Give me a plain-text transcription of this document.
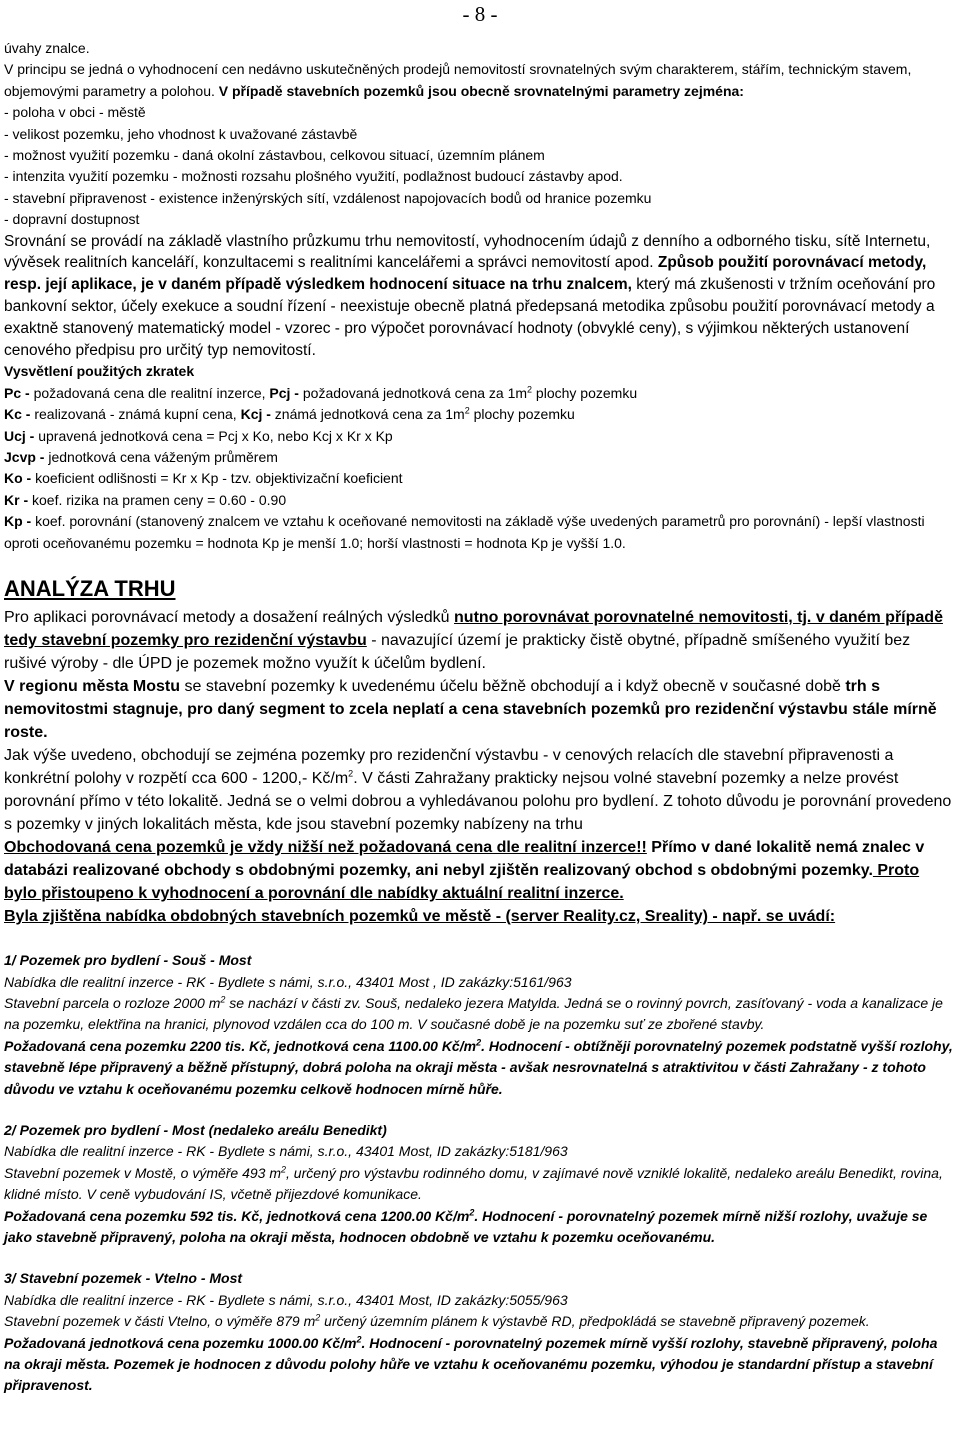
- 8 -

úvahy znalce.

V principu se jedná o vyhodnocení cen nedávno uskutečněných prodejů nemovitostí srovnatelných svým charakterem, stářím, technickým stavem, objemovými parametry a polohou. V případě stavebních pozemků jsou obecně srovnatelnými parametry zejména:

- poloha v obci - městě

- velikost pozemku, jeho vhodnost k uvažované zástavbě

- možnost využití pozemku - daná okolní zástavbou, celkovou situací, územním plánem

- intenzita využití pozemku - možnosti rozsahu plošného využití, podlažnost budoucí zástavby apod.

- stavební připravenost - existence inženýrských sítí, vzdálenost napojovacích bodů od hranice pozemku

- dopravní dostupnost

Srovnání se provádí na základě vlastního průzkumu trhu nemovitostí, vyhodnocením údajů z denního a odborného tisku, sítě Internetu, vývěsek realitních kanceláří, konzultacemi s realitními kancelářemi a správci nemovitostí apod. Způsob použití porovnávací metody, resp. její aplikace, je v daném případě výsledkem hodnocení situace na trhu znalcem, který má zkušenosti v tržním oceňování pro bankovní sektor, účely exekuce a soudní řízení - neexistuje obecně platná předepsaná metodika způsobu použití porovnávací metody a exaktně stanovený matematický model - vzorec - pro výpočet porovnávací hodnoty (obvyklé ceny), s výjimkou některých ustanovení cenového předpisu pro určitý typ nemovitostí.

Vysvětlení použitých zkratek

Pc - požadovaná cena dle realitní inzerce, Pcj - požadovaná jednotková cena za $1m^2$ plochy pozemku

Kc - realizovaná - známá kupní cena, Kcj - známá jednotková cena za $1m^2$ plochy pozemku

Ucj - upravená jednotková cena = Pcj x Ko, nebo Kcj x Kr x Kp

Jcvp - jednotková cena váženým průměrem

Ko - koeficient odlišnosti = Kr x Kp - tzv. objektivizační koeficient

Kr - koef. rizika na pramen ceny = 0.60 - 0.90

Kp - koef. porovnání (stanovený znalcem ve vztahu k oceňované nemovitosti na základě výše uvedených parametrů pro porovnání) - lepší vlastnosti oproti oceňovanému pozemku = hodnota Kp je menší 1.0; horší vlastnosti = hodnota Kp je vyšší 1.0.

ANALÝZA TRHU

Pro aplikaci porovnávací metody a dosažení reálných výsledků nutno porovnávat porovnatelné nemovitosti, tj. v daném případě tedy stavební pozemky pro rezidenční výstavbu - navazující území je prakticky čistě obytné, případně smíšeného využití bez rušivé výroby - dle ÚPD je pozemek možno využít k účelům bydlení.

V regionu města Mostu se stavební pozemky k uvedenému účelu běžně obchodují a i když obecně v současné době trh s nemovitostmi stagnuje, pro daný segment to zcela neplatí a cena stavebních pozemků pro rezidenční výstavbu stále mírně roste.

Jak výše uvedeno, obchodují se zejména pozemky pro rezidenční výstavbu - v cenových relacích dle stavební připravenosti a konkrétní polohy v rozpětí cca 600 - 1200,- $Kč/m^2$. V části Zahražany prakticky nejsou volné stavební pozemky a nelze provést porovnání přímo v této lokalitě. Jedná se o velmi dobrou a vyhledávanou polohu pro bydlení. Z tohoto důvodu je porovnání provedeno s pozemky v jiných lokalitách města, kde jsou stavební pozemky nabízeny na trhu

Obchodovaná cena pozemků je vždy nižší než požadovaná cena dle realitní inzerce!! Přímo v dané lokalitě nemá znalec v databázi realizované obchody s obdobnými pozemky, ani nebyl zjištěn realizovaný obchod s obdobnými pozemky. Proto bylo přistoupeno k vyhodnocení a porovnání dle nabídky aktuální realitní inzerce.

Byla zjištěna nabídka obdobných stavebních pozemků ve městě - (server Reality.cz, Sreality) - např. se uvádí:

1/ Pozemek pro bydlení - Souš - Most

Nabídka dle realitní inzerce - RK - Bydlete s námi, s.r.o., 43401 Most , ID zakázky:5161/963

Stavební parcela o rozloze 2000 $m^2$ se nachází v části zv. Souš, nedaleko jezera Matylda. Jedná se o rovinný povrch, zasíťovaný - voda a kanalizace je na pozemku, elektřina na hranici, plynovod vzdálen cca do 100 m. V současné době je na pozemku suť ze zbořené stavby.

Požadovaná cena pozemku 2200 tis. Kč, jednotková cena 1100.00 $Kč/m^2$. Hodnocení - obtížněji porovnatelný pozemek podstatně vyšší rozlohy, stavebně lépe připravený a běžně přístupný, dobrá poloha na okraji města - avšak nesrovnatelná s atraktivitou v části Zahražany - z tohoto důvodu ve vztahu k oceňovanému pozemku celkově hodnocen mírně hůře.

2/ Pozemek pro bydlení - Most (nedaleko areálu Benedikt)

Nabídka dle realitní inzerce - RK - Bydlete s námi, s.r.o., 43401 Most, ID zakázky:5181/963

Stavební pozemek v Mostě, o výměře 493 $m^2$, určený pro výstavbu rodinného domu, v zajímavé nově vzniklé lokalitě, nedaleko areálu Benedikt, rovina, klidné místo. V ceně vybudování IS, včetně přijezdové komunikace.

Požadovaná cena pozemku 592 tis. Kč, jednotková cena 1200.00 $Kč/m^2$. Hodnocení - porovnatelný pozemek mírně nižší rozlohy, uvažuje se jako stavebně připravený, poloha na okraji města, hodnocen obdobně ve vztahu k pozemku oceňovanému.

3/ Stavební pozemek - Vtelno - Most

Nabídka dle realitní inzerce - RK - Bydlete s námi, s.r.o., 43401 Most, ID zakázky:5055/963

Stavební pozemek v části Vtelno, o výměře 879 $m^2$ určený územním plánem k výstavbě RD, předpokládá se stavebně připravený pozemek.

Požadovaná jednotková cena pozemku 1000.00 $Kč/m^2$. Hodnocení - porovnatelný pozemek mírně vyšší rozlohy, stavebně připravený, poloha na okraji města. Pozemek je hodnocen z důvodu polohy hůře ve vztahu k oceňovanému pozemku, výhodou je standardní přístup a stavební připravenost.
